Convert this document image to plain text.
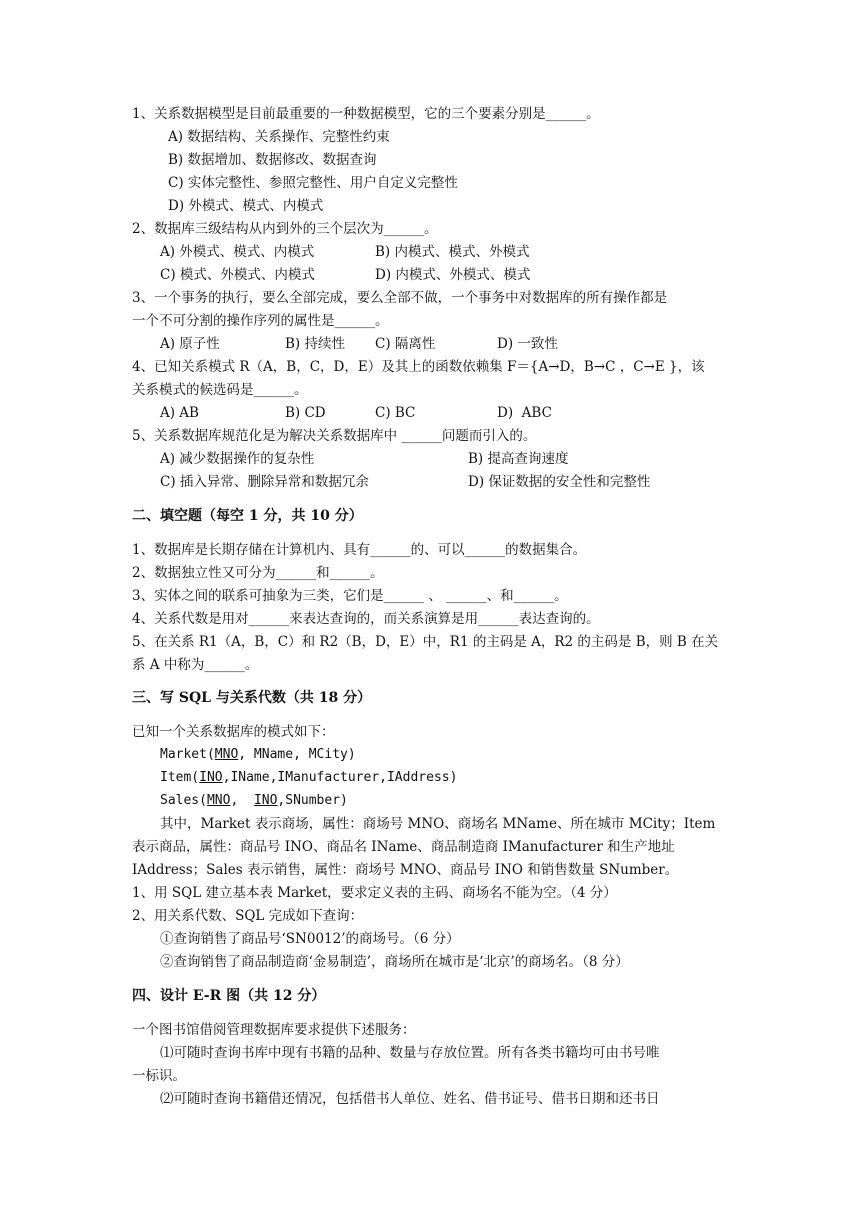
1、关系数据模型是目前最重要的一种数据模型，它的三个要素分别是______。
A) 数据结构、关系操作、完整性约束
B) 数据增加、数据修改、数据查询
C) 实体完整性、参照完整性、用户自定义完整性
D) 外模式、模式、内模式
2、数据库三级结构从内到外的三个层次为______。
A) 外模式、模式、内模式	B) 内模式、模式、外模式
C) 模式、外模式、内模式	D) 内模式、外模式、模式
3、一个事务的执行，要么全部完成，要么全部不做，一个事务中对数据库的所有操作都是
一个不可分割的操作序列的属性是______。
A) 原子性	B) 持续性 C) 隔离性	D) 一致性
4、已知关系模式 R（A，B，C，D，E）及其上的函数依赖集 F＝{A→D，B→C ，C→E }，该
关系模式的候选码是______。
A) AB	B) CD	C) BC	D)  ABC
5、关系数据库规范化是为解决关系数据库中 ______问题而引入的。
A) 减少数据操作的复杂性	B) 提高查询速度
C) 插入异常、删除异常和数据冗余	D) 保证数据的安全性和完整性
二、填空题（每空 1 分，共 10 分）
1、数据库是长期存储在计算机内、具有______的、可以______的数据集合。
2、数据独立性又可分为______和______。
3、实体之间的联系可抽象为三类，它们是______ 、 ______、和______。
4、关系代数是用对______来表达查询的，而关系演算是用______表达查询的。
5、在关系 R1（A，B，C）和 R2（B，D，E）中，R1 的主码是 A，R2 的主码是 B，则 B 在关
系 A 中称为______。
三、写 SQL 与关系代数（共 18 分）
已知一个关系数据库的模式如下：
Market(MNO, MName, MCity)
Item(INO,IName,IManufacturer,IAddress)
Sales(MNO,  INO,SNumber)
其中，Market 表示商场，属性：商场号 MNO、商场名 MName、所在城市 MCity；Item
表示商品，属性：商品号 INO、商品名 IName、商品制造商 IManufacturer 和生产地址
IAddress；Sales 表示销售，属性：商场号 MNO、商品号 INO 和销售数量 SNumber。
1、用 SQL 建立基本表 Market，要求定义表的主码、商场名不能为空。（4 分）
2、用关系代数、SQL 完成如下查询：
①查询销售了商品号‘SN0012’的商场号。（6 分）
②查询销售了商品制造商‘金易制造’，商场所在城市是‘北京’的商场名。（8 分）
四、设计 E-R 图（共 12 分）
一个图书馆借阅管理数据库要求提供下述服务：
⑴可随时查询书库中现有书籍的品种、数量与存放位置。所有各类书籍均可由书号唯
一标识。
⑵可随时查询书籍借还情况，包括借书人单位、姓名、借书证号、借书日期和还书日
